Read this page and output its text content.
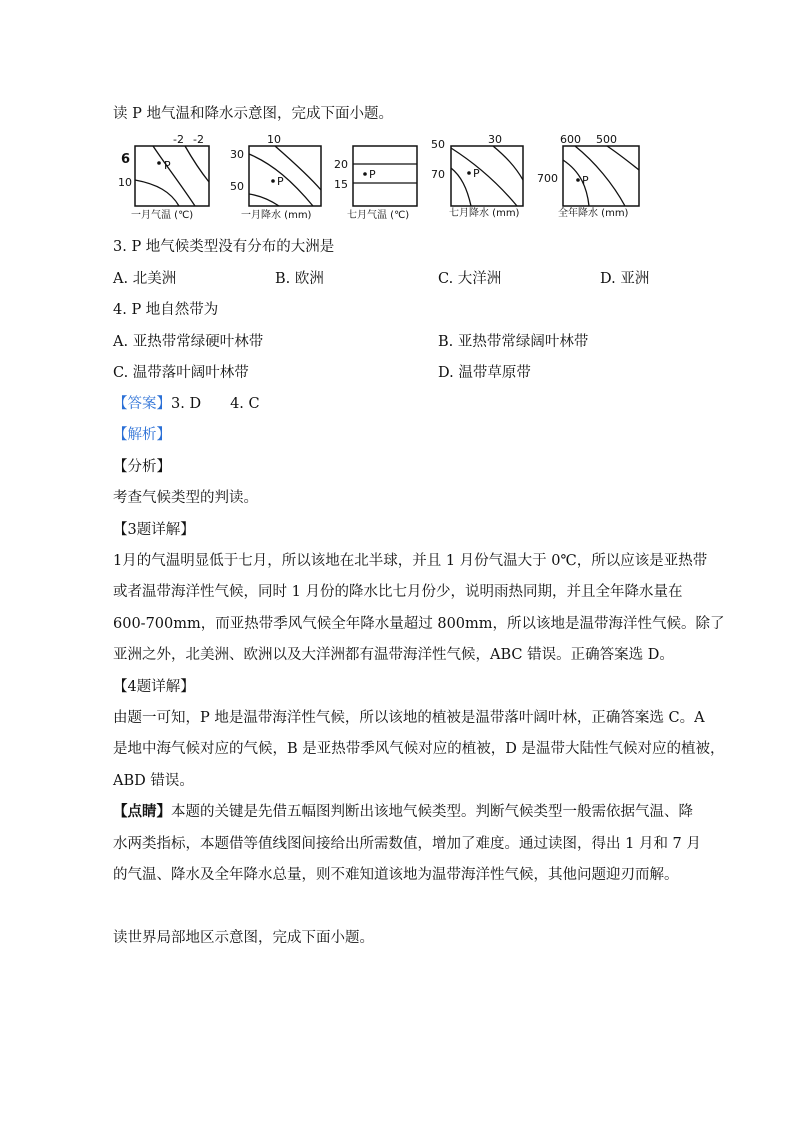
读 P 地气温和降水示意图，完成下面小题。
P
-2 -2
6
10
一月气温 (℃)
P
10
30
50
一月降水 (mm)
P
20
15
七月气温 (℃)
P
50	30
70
七月降水 (mm)
P
600 500
700
全年降水 (mm)
3. P 地气候类型没有分布的大洲是
A. 北美洲	B. 欧洲	C. 大洋洲	D. 亚洲
4. P 地自然带为
A. 亚热带常绿硬叶林带	B. 亚热带常绿阔叶林带
C. 温带落叶阔叶林带	D. 温带草原带
【答案】3. D　　4. C
【解析】
【分析】
考查气候类型的判读。
【3题详解】
1月的气温明显低于七月，所以该地在北半球，并且 1 月份气温大于 0℃，所以应该是亚热带
或者温带海洋性气候，同时 1 月份的降水比七月份少，说明雨热同期，并且全年降水量在
600-700mm，而亚热带季风气候全年降水量超过 800mm，所以该地是温带海洋性气候。除了
亚洲之外，北美洲、欧洲以及大洋洲都有温带海洋性气候，ABC 错误。正确答案选 D。
【4题详解】
由题一可知，P 地是温带海洋性气候，所以该地的植被是温带落叶阔叶林，正确答案选 C。A
是地中海气候对应的气候，B 是亚热带季风气候对应的植被，D 是温带大陆性气候对应的植被，
ABD 错误。
【点睛】本题的关键是先借五幅图判断出该地气候类型。判断气候类型一般需依据气温、降
水两类指标，本题借等值线图间接给出所需数值，增加了难度。通过读图，得出 1 月和 7 月
的气温、降水及全年降水总量，则不难知道该地为温带海洋性气候，其他问题迎刃而解。
读世界局部地区示意图，完成下面小题。
